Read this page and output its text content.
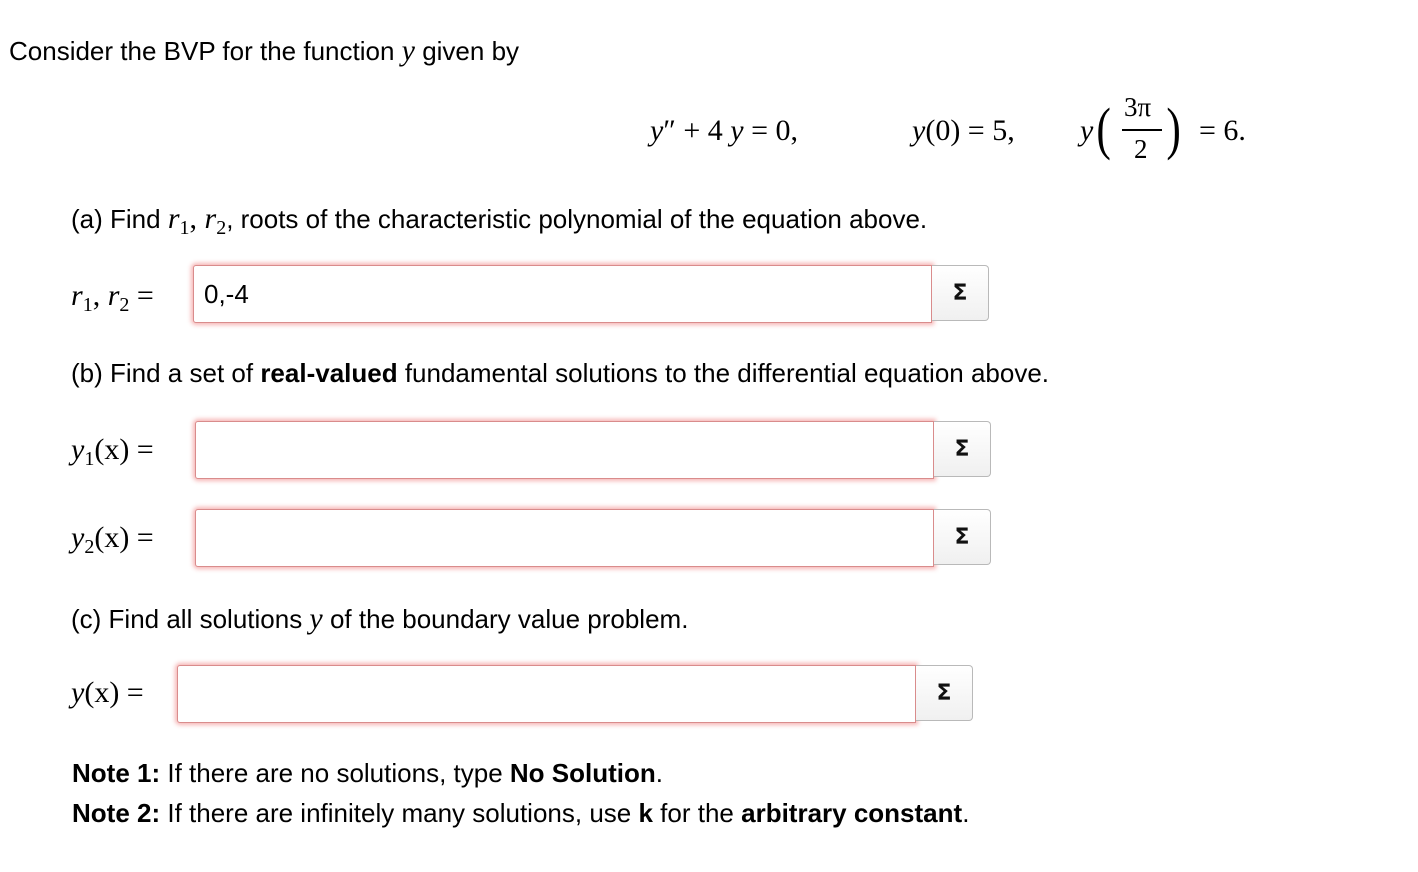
Consider the BVP for the function y given by
y″ + 4 y = 0,	y(0) = 5, y ( 3π
2 ) = 6.
(a) Find $r_1$, $r_2$, roots of the characteristic polynomial of the equation above.
$r_1$, $r_2$ =
0,-4	Σ
(b) Find a set of real-valued fundamental solutions to the differential equation above.
$y_1(x)$ =	Σ
$y_2(x)$ =	Σ
(c) Find all solutions y of the boundary value problem.
y(x) =	Σ
Note 1: If there are no solutions, type No Solution.
Note 2: If there are infinitely many solutions, use k for the arbitrary constant.
